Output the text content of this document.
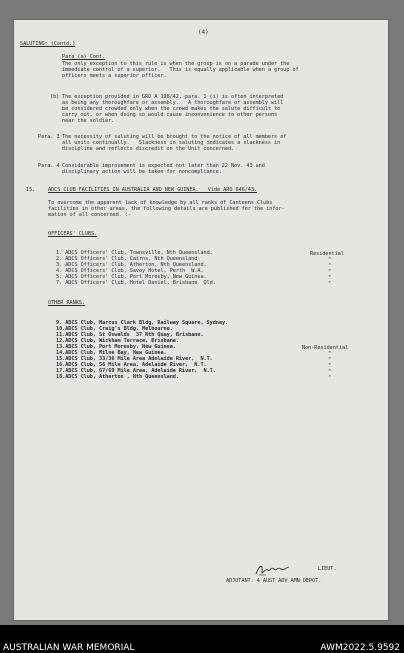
(4)
SALUTING: (Contd.)
Para (a) Cont.
The only exception to this rule is when the group is on a parade under the
immediate control of a superior.   This is equally applicable when a group of
officers meets a superior officer.
(b) The exception provided in GRO A 198/42, para. 1 (i) is often interpreted
as being any thoroughfare or assembly.   A thoroughfare or assembly will
be considered crowded only when the crowd makes the salute difficult to
carry out, or when doing so would cause inconvenience to other persons
near the soldier.
Para. 3 The necessity of saluting will be brought to the notice of all members of
all units continually.   Slackness in saluting indicates a slackness in
discipline and reflects discredit on the Unit concerned.
Para. 4 Considerable improvement is expected not later than 22 Nov. 43 and
disciplinary action will be taken for noncompliance.
15. ADCS CLUB FACILITIES IN AUSTRALIA AND NEW GUINEA.   Vide ARO 646/43.
To overcome the apparent lack of knowledge by all ranks of Canteens Clubs
facilities in other areas, the following details are published for the infor-
mation of all concerned. :-
OFFICERS' CLUBS.
1. ADCS Officers' Club, Townsville, Nth Queensland.
2. ADCS Officers' Club, Cairns, Nth Queensland.
3. ADCS Officers' Club, Atherton, Nth Queensland.
4. ADCS Officers' Club, Savoy Hotel, Perth  W.A.
5. ADCS Officers' Club, Port Moresby, New Guinea.
7. ADCS Officers' Club, Hotel Daniel, Brisbane  Qld.
Residential
"
"
"
"
"
OTHER RANKS.
9. ADCS Club, Marcus Clark Bldg, Railway Square, Sydney.
10.ADCS Club, Craig's Bldg, Melbourne.
11.ADCS Club, St Oswalds  37 Nth Quay, Brisbane.
12.ADCS Club, Wickham Terrace, Brisbane.
13.ADCS Club, Port Moresby, New Guinea.
14.ADCS Club, Milne Bay, New Guinea.
15.ADCS Club, 33/36 Mile Area Adelaide River,  N.T.
16.ADCS Club, 56 Mile Area, Adelaide River,  N.T.
17.ADCS Club, 67/69 Mile Area, Adelaide River,  N.T.
18.ADCS Club, Atherton , Nth Queensland.
Non-Residential
"
"
"
"
"
LIEUT.
ADJUTANT. 4 AUST ADV AMN DEPOT.
AUSTRALIAN WAR MEMORIAL	AWM2022.5.9592
